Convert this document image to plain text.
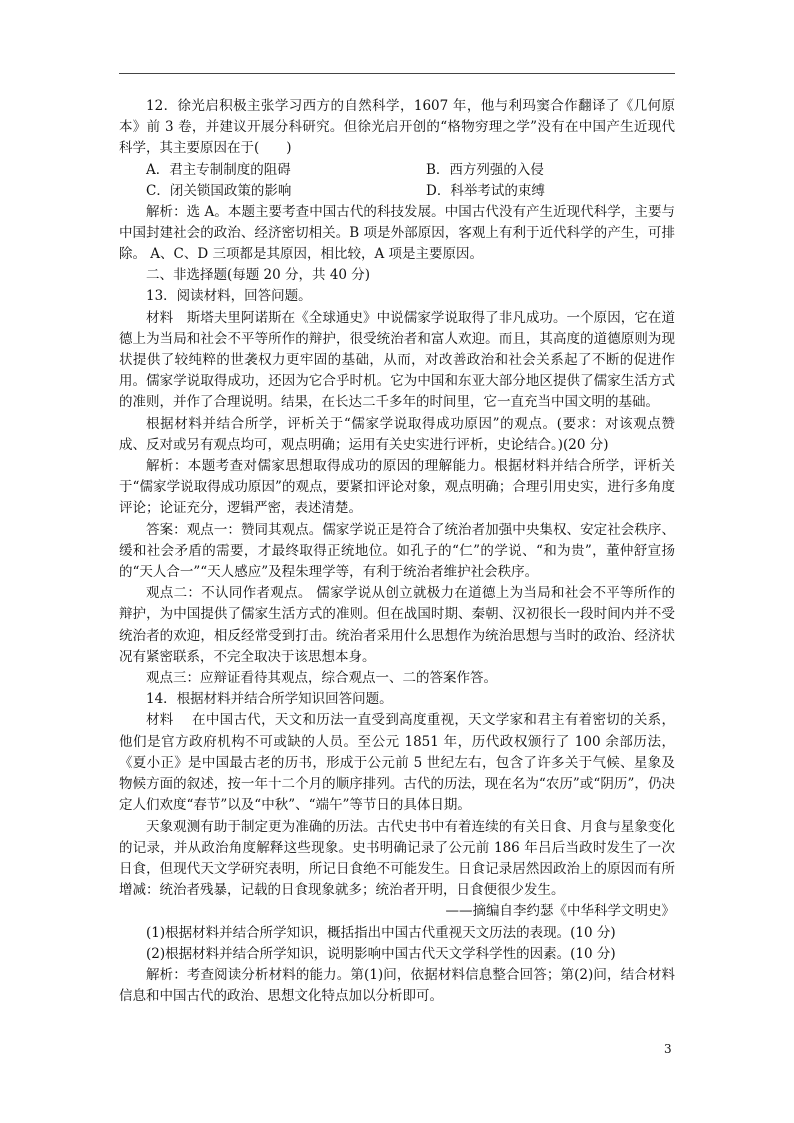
12．徐光启积极主张学习西方的自然科学，1607 年，他与利玛窦合作翻译了《几何原本》前 3 卷，并建议开展分科研究。但徐光启开创的“格物穷理之学”没有在中国产生近现代科学，其主要原因在于(　　)

A．君主专制制度的阻碍	B．西方列强的入侵
C．闭关锁国政策的影响	D．科举考试的束缚

解析：选 A。本题主要考查中国古代的科技发展。中国古代没有产生近现代科学，主要与中国封建社会的政治、经济密切相关。B 项是外部原因，客观上有利于近代科学的产生，可排除。 A、C、D 三项都是其原因，相比较，A 项是主要原因。

二、非选择题(每题 20 分，共 40 分)

13．阅读材料，回答问题。

材料　斯塔夫里阿诺斯在《全球通史》中说儒家学说取得了非凡成功。一个原因，它在道德上为当局和社会不平等所作的辩护，很受统治者和富人欢迎。而且，其高度的道德原则为现状提供了较纯粹的世袭权力更牢固的基础，从而，对改善政治和社会关系起了不断的促进作用。儒家学说取得成功，还因为它合乎时机。它为中国和东亚大部分地区提供了儒家生活方式的准则，并作了合理说明。结果，在长达二千多年的时间里，它一直充当中国文明的基础。

根据材料并结合所学，评析关于“儒家学说取得成功原因”的观点。(要求：对该观点赞成、反对或另有观点均可，观点明确；运用有关史实进行评析，史论结合。)(20 分)

解析：本题考查对儒家思想取得成功的原因的理解能力。根据材料并结合所学，评析关于“儒家学说取得成功原因”的观点，要紧扣评论对象，观点明确；合理引用史实，进行多角度评论；论证充分，逻辑严密，表述清楚。

答案：观点一：赞同其观点。儒家学说正是符合了统治者加强中央集权、安定社会秩序、缓和社会矛盾的需要，才最终取得正统地位。如孔子的“仁”的学说、“和为贵”，董仲舒宣扬的“天人合一”“天人感应”及程朱理学等，有利于统治者维护社会秩序。

观点二：不认同作者观点。 儒家学说从创立就极力在道德上为当局和社会不平等所作的辩护，为中国提供了儒家生活方式的准则。但在战国时期、秦朝、汉初很长一段时间内并不受统治者的欢迎，相反经常受到打击。统治者采用什么思想作为统治思想与当时的政治、经济状况有紧密联系，不完全取决于该思想本身。

观点三：应辩证看待其观点，综合观点一、二的答案作答。

14．根据材料并结合所学知识回答问题。

材料　 在中国古代，天文和历法一直受到高度重视，天文学家和君主有着密切的关系，他们是官方政府机构不可或缺的人员。至公元 1851 年，历代政权颁行了 100 余部历法，《夏小正》是中国最古老的历书，形成于公元前 5 世纪左右，包含了许多关于气候、星象及物候方面的叙述，按一年十二个月的顺序排列。古代的历法，现在名为“农历”或“阴历”，仍决定人们欢度“春节”以及“中秋”、“端午”等节日的具体日期。

天象观测有助于制定更为准确的历法。古代史书中有着连续的有关日食、月食与星象变化的记录，并从政治角度解释这些现象。史书明确记录了公元前 186 年吕后当政时发生了一次日食，但现代天文学研究表明，所记日食绝不可能发生。日食记录居然因政治上的原因而有所增减：统治者残暴，记载的日食现象就多；统治者开明，日食便很少发生。

——摘编自李约瑟《中华科学文明史》

(1)根据材料并结合所学知识，概括指出中国古代重视天文历法的表现。(10 分)

(2)根据材料并结合所学知识，说明影响中国古代天文学科学性的因素。(10 分)

解析：考查阅读分析材料的能力。第(1)问，依据材料信息整合回答；第(2)问，结合材料信息和中国古代的政治、思想文化特点加以分析即可。

3
